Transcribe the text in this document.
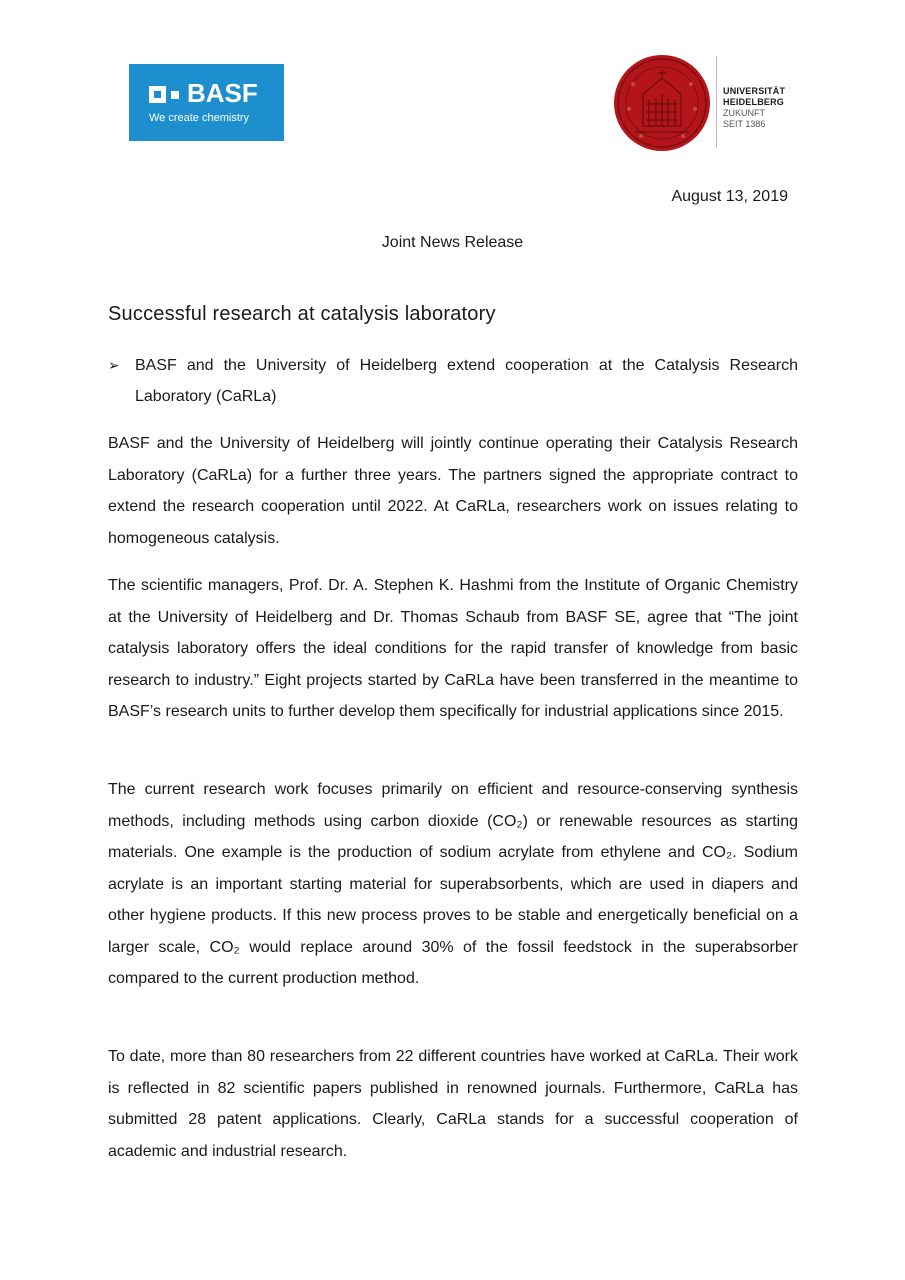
BASF
We create chemistry
UNIVERSITÄT
HEIDELBERG
ZUKUNFT
SEIT 1386
August 13, 2019
Joint News Release
Successful research at catalysis laboratory
➢ BASF and the University of Heidelberg extend cooperation at the Catalysis Research Laboratory (CaRLa)

BASF and the University of Heidelberg will jointly continue operating their Catalysis Research Laboratory (CaRLa) for a further three years. The partners signed the appropriate contract to extend the research cooperation until 2022. At CaRLa, researchers work on issues relating to homogeneous catalysis.

The scientific managers, Prof. Dr. A. Stephen K. Hashmi from the Institute of Organic Chemistry at the University of Heidelberg and Dr. Thomas Schaub from BASF SE, agree that “The joint catalysis laboratory offers the ideal conditions for the rapid transfer of knowledge from basic research to industry.” Eight projects started by CaRLa have been transferred in the meantime to BASF’s research units to further develop them specifically for industrial applications since 2015.

The current research work focuses primarily on efficient and resource-conserving synthesis methods, including methods using carbon dioxide (CO₂) or renewable resources as starting materials. One example is the production of sodium acrylate from ethylene and CO₂. Sodium acrylate is an important starting material for superabsorbents, which are used in diapers and other hygiene products. If this new process proves to be stable and energetically beneficial on a larger scale, CO₂ would replace around 30% of the fossil feedstock in the superabsorber compared to the current production method.

To date, more than 80 researchers from 22 different countries have worked at CaRLa. Their work is reflected in 82 scientific papers published in renowned journals. Furthermore, CaRLa has submitted 28 patent applications. Clearly, CaRLa stands for a successful cooperation of academic and industrial research.
